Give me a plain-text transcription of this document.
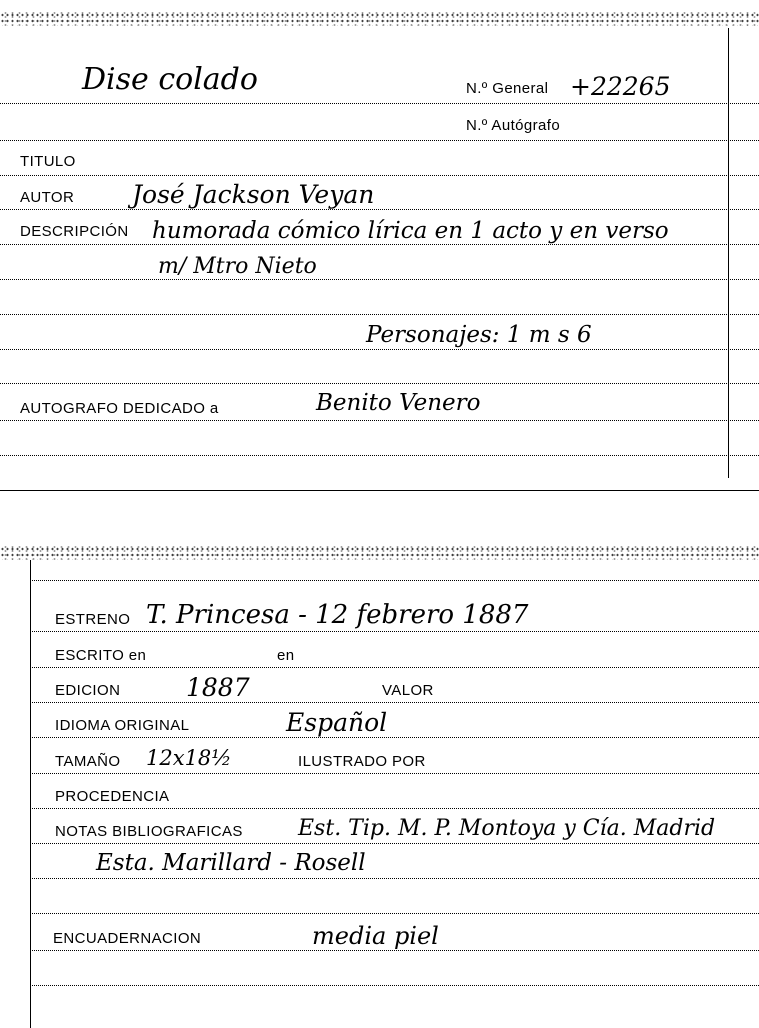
Dise colado	N.º General +22265
N.º Autógrafo
TITULO
AUTOR José Jackson Veyan
DESCRIPCIÓN humorada cómico lírica en 1 acto y en verso
m/ Mtro Nieto
Personajes: 1 m s 6
AUTOGRAFO DEDICADO a	Benito Venero
ESTRENO T. Princesa - 12 febrero 1887
ESCRITO en	en
EDICION	1887	VALOR
IDIOMA ORIGINAL	Español
TAMAÑO 12x18½	ILUSTRADO POR
PROCEDENCIA
NOTAS BIBLIOGRAFICAS	Est. Tip. M. P. Montoya y Cía. Madrid
Esta. Marillard - Rosell
ENCUADERNACION	media piel
